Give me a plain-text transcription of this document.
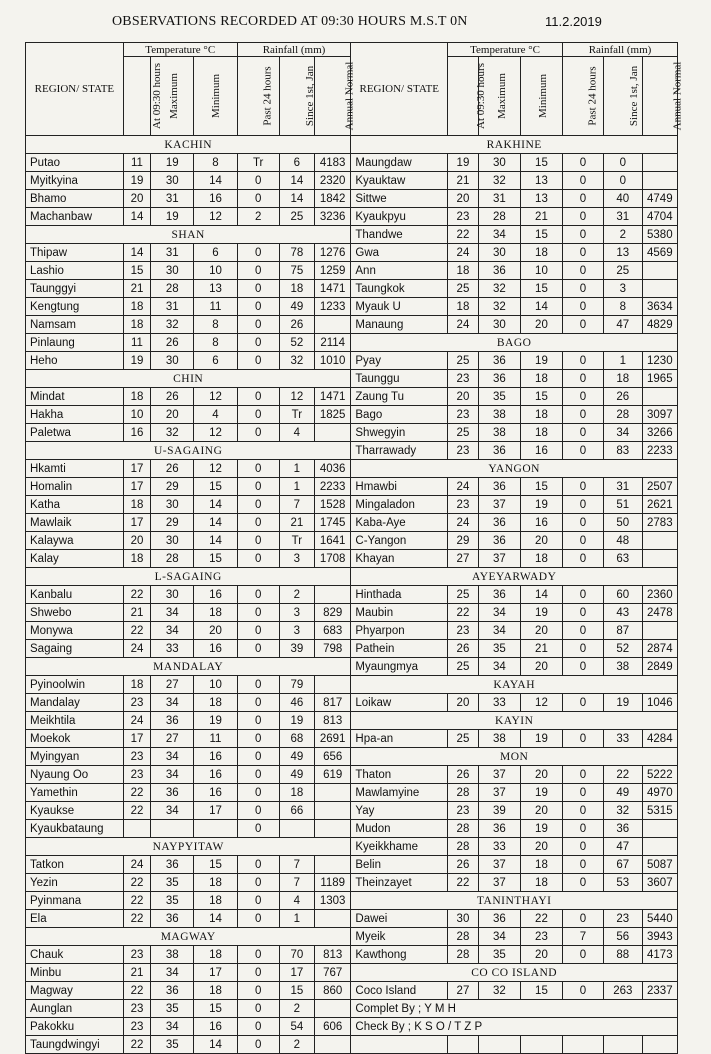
OBSERVATIONS RECORDED AT 09:30 HOURS M.S.T 0N	11.2.2019
REGION/ STATE	Temperature °C			Rainfall (mm)			REGION/ STATE	Temperature °C			Rainfall (mm)		
	At 09:30 hours	Maximum	Minimum	Past 24 hours	Since 1st, Jan	Annual Normal		At 09:30 hours	Maximum	Minimum	Past 24 hours	Since 1st, Jan	Annual Normal
KACHIN							RAKHINE						
Putao	11	19	8	Tr	6	4183	Maungdaw	19	30	15	0	0	
Myitkyina	19	30	14	0	14	2320	Kyauktaw	21	32	13	0	0	
Bhamo	20	31	16	0	14	1842	Sittwe	20	31	13	0	40	4749
Machanbaw	14	19	12	2	25	3236	Kyaukpyu	23	28	21	0	31	4704
SHAN							Thandwe	22	34	15	0	2	5380
Thipaw	14	31	6	0	78	1276	Gwa	24	30	18	0	13	4569
Lashio	15	30	10	0	75	1259	Ann	18	36	10	0	25	
Taunggyi	21	28	13	0	18	1471	Taungkok	25	32	15	0	3	
Kengtung	18	31	11	0	49	1233	Myauk U	18	32	14	0	8	3634
Namsam	18	32	8	0	26		Manaung	24	30	20	0	47	4829
Pinlaung	11	26	8	0	52	2114	BAGO						
Heho	19	30	6	0	32	1010	Pyay	25	36	19	0	1	1230
CHIN							Taunggu	23	36	18	0	18	1965
Mindat	18	26	12	0	12	1471	Zaung Tu	20	35	15	0	26	
Hakha	10	20	4	0	Tr	1825	Bago	23	38	18	0	28	3097
Paletwa	16	32	12	0	4		Shwegyin	25	38	18	0	34	3266
U-SAGAING							Tharrawady	23	36	16	0	83	2233
Hkamti	17	26	12	0	1	4036	YANGON						
Homalin	17	29	15	0	1	2233	Hmawbi	24	36	15	0	31	2507
Katha	18	30	14	0	7	1528	Mingaladon	23	37	19	0	51	2621
Mawlaik	17	29	14	0	21	1745	Kaba-Aye	24	36	16	0	50	2783
Kalaywa	20	30	14	0	Tr	1641	C-Yangon	29	36	20	0	48	
Kalay	18	28	15	0	3	1708	Khayan	27	37	18	0	63	
L-SAGAING							AYEYARWADY						
Kanbalu	22	30	16	0	2		Hinthada	25	36	14	0	60	2360
Shwebo	21	34	18	0	3	829	Maubin	22	34	19	0	43	2478
Monywa	22	34	20	0	3	683	Phyarpon	23	34	20	0	87	
Sagaing	24	33	16	0	39	798	Pathein	26	35	21	0	52	2874
MANDALAY							Myaungmya	25	34	20	0	38	2849
Pyinoolwin	18	27	10	0	79		KAYAH						
Mandalay	23	34	18	0	46	817	Loikaw	20	33	12	0	19	1046
Meikhtila	24	36	19	0	19	813	KAYIN						
Moekok	17	27	11	0	68	2691	Hpa-an	25	38	19	0	33	4284
Myingyan	23	34	16	0	49	656	MON						
Nyaung Oo	23	34	16	0	49	619	Thaton	26	37	20	0	22	5222
Yamethin	22	36	16	0	18		Mawlamyine	28	37	19	0	49	4970
Kyaukse	22	34	17	0	66		Yay	23	39	20	0	32	5315
Kyaukbataung				0			Mudon	28	36	19	0	36	
NAYPYITAW							Kyeikkhame	28	33	20	0	47	
Tatkon	24	36	15	0	7		Belin	26	37	18	0	67	5087
Yezin	22	35	18	0	7	1189	Theinzayet	22	37	18	0	53	3607
Pyinmana	22	35	18	0	4	1303	TANINTHAYI						
Ela	22	36	14	0	1		Dawei	30	36	22	0	23	5440
MAGWAY							Myeik	28	34	23	7	56	3943
Chauk	23	38	18	0	70	813	Kawthong	28	35	20	0	88	4173
Minbu	21	34	17	0	17	767	CO CO ISLAND						
Magway	22	36	18	0	15	860	Coco Island	27	32	15	0	263	2337
Aunglan	23	35	15	0	2		Complet By ; Y M H						
Pakokku	23	34	16	0	54	606	Check By ; K S O / T Z P						
Taungdwingyi	22	35	14	0	2								
